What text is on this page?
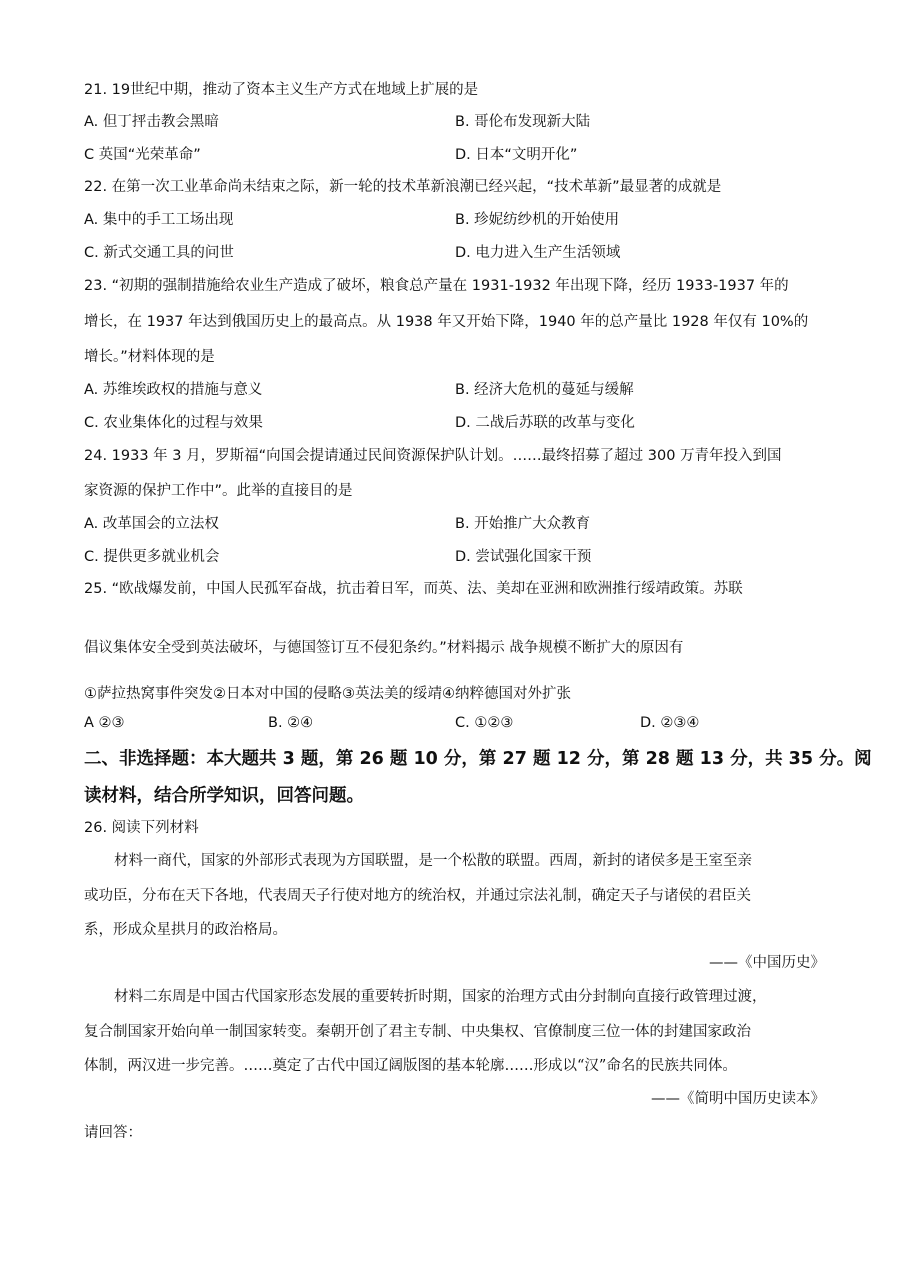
21. 19世纪中期，推动了资本主义生产方式在地域上扩展的是
A. 但丁抨击教会黑暗	B. 哥伦布发现新大陆
C 英国“光荣革命”	D. 日本“文明开化”
22. 在第一次工业革命尚未结束之际，新一轮的技术革新浪潮已经兴起，“技术革新”最显著的成就是
A. 集中的手工工场出现	B. 珍妮纺纱机的开始使用
C. 新式交通工具的问世	D. 电力进入生产生活领域
23. “初期的强制措施给农业生产造成了破坏，粮食总产量在 1931-1932 年出现下降，经历 1933-1937 年的
增长，在 1937 年达到俄国历史上的最高点。从 1938 年又开始下降，1940 年的总产量比 1928 年仅有 10%的
增长。”材料体现的是
A. 苏维埃政权的措施与意义	B. 经济大危机的蔓延与缓解
C. 农业集体化的过程与效果	D. 二战后苏联的改革与变化
24. 1933 年 3 月，罗斯福“向国会提请通过民间资源保护队计划。……最终招募了超过 300 万青年投入到国
家资源的保护工作中”。此举的直接目的是
A. 改革国会的立法权	B. 开始推广大众教育
C. 提供更多就业机会	D. 尝试强化国家干预
25. “欧战爆发前，中国人民孤军奋战，抗击着日军，而英、法、美却在亚洲和欧洲推行绥靖政策。苏联
倡议集体安全受到英法破坏，与德国签订互不侵犯条约。”材料揭示 战争规模不断扩大的原因有
①萨拉热窝事件突发②日本对中国的侵略③英法美的绥靖④纳粹德国对外扩张
A ②③	B. ②④	C. ①②③	D. ②③④
二、非选择题：本大题共 3 题，第 26 题 10 分，第 27 题 12 分，第 28 题 13 分，共 35 分。阅
读材料，结合所学知识，回答问题。
26. 阅读下列材料
材料一商代，国家的外部形式表现为方国联盟，是一个松散的联盟。西周，新封的诸侯多是王室至亲
或功臣，分布在天下各地，代表周天子行使对地方的统治权，并通过宗法礼制，确定天子与诸侯的君臣关
系，形成众星拱月的政治格局。
——《中国历史》
材料二东周是中国古代国家形态发展的重要转折时期，国家的治理方式由分封制向直接行政管理过渡，
复合制国家开始向单一制国家转变。秦朝开创了君主专制、中央集权、官僚制度三位一体的封建国家政治
体制，两汉进一步完善。……奠定了古代中国辽阔版图的基本轮廓……形成以“汉”命名的民族共同体。
——《简明中国历史读本》
请回答：
